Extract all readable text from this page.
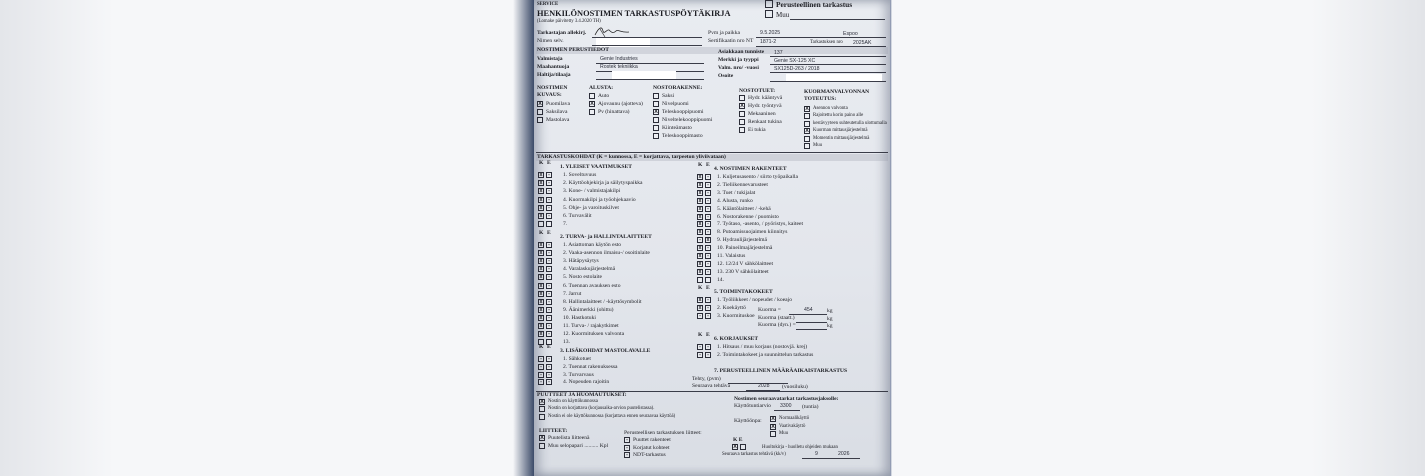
SERVICE
HENKILÖNOSTIMEN TARKASTUSPÖYTÄKIRJA
(Lomake päivitetty 3.4.2020 TH)
Perusteellinen tarkastus
Muu
Tarkastajan allekirj.
Nimen selv.
Pvm ja paikka	9.5.2025	Espoo
Sertifikaatin nro NT 1871-2	Tarkastuksen nro 2025AK
NOSTIMEN PERUSTIEDOT
Valmistaja	Genie Industries
Maahantuoja	Rostek tekniikka
Haltija/tilaaja
Asiakkaan tunniste 137
Merkki ja tyyppi	Genie SX-125 XC
Valm. nro/ -vuosi	SX125D-263 / 2018
Osoite
NOSTIMEN
KUVAUS:
X Puomilava
Saksilava
Mastolava
ALUSTA:
Auto
X Ajovaunu (ajotteva)
Pv (hinattava)
NOSTORAKENNE:
Saksi
Nivelpuomi
X Teleskooppipuomi
Niveltelekooppipuomi
Kiinteämasto
Teleskooppimasto
NOSTOTUET:
Hydr. kääntyvä
X Hydr. työntyvä
Mekaaninen
Renkaat tukina
Ei tukia
KUORMANVALVONNAN
TOTEUTUS:
X Asennon valvonta
Rajoitettu korin paino alle
kestävyyteen suhteutetulla ulottumalla
X Kuorman mittausjärjestelmä
Momentin mittausjärjestelmä
Muu
TARKASTUSKOHDAT (K = kunnossa, E = korjattava, tarpeeton yliviivataan)
K E
1. YLEISET VAATIMUKSET
x	-	1. Soveltuvuus
x	-	2. Käyttöohjekirja ja säilytyspaikka
x	-	3. Kone- / valmistajakilpi
x	-	4. Kuormakilpi ja työohjekaavio
x	-	5. Ohje- ja varoituskilvet
x	-	6. Turvavälit
7.
K E
2. TURVA- ja HALLINTALAITTEET
x	-	1. Asiattoman käytön esto
x	-	2. Vaaka-asennon ilmaisu-/ osoitinlaite
x	-	3. Hätäpysäytys
x	-	4. Varalaskujärjestelmä
x	-	5. Nosto estolaite
x	-	6. Tuennan avauksen esto
x	-	7. Jarrut
x	-	8. Hallintalaitteet / -käyttösymbolit
x	-	9. Äänimerkki (ohittu)
x	-	10. Hastkotuki
x	-	11. Turva- / rajakytkimet
x	-	12. Kuormituksen valvonta
13.
K E
3. LISÄKOHDAT MASTOLAVALLE
-	-	1. Sähkotuet
-	-	2. Tuennat rakenuksessa
-	-	3. Turvarvaus
-	-	4. Nopeuden rajoitin
K E
4. NOSTIMEN RAKENTEET
x	-	1. Kuljetusasento / siirto työpaikalla
x	-	2. Tieliikennevarusteet
x	-	3. Tuet / tukijalat
x	-	4. Alusta, runko
x	-	5. Kääntölaitteet / -kehä
x	-	6. Nostorakenne / puomisto
x	-	7. Työtaso, -asento, / pyöristys, kaiteet
x	-	8. Putoamissuojaimen kiinnitys
-	x 9. Hydraulijärjestelmä
x	-	10. Paineilmajärjestelmä
x	-	11. Valaistus
x	-	12. 12/24 V sähkölaitteet
x	-	13. 230 V sähkölaitteet
14.
K E
5. TOIMINTAKOKEET
x	-	1. Työliikkeet / nopeudet / koeajo
x	-	2. Koekäyttö
-	-	3. Kuormituskoe
K E
6. KORJAUKSET
-	-	1. Hitsaus / muu korjaus (nostovjä. krej)
-	-	2. Toimintakokeet ja suunnittelun tarkastus
Kuorma =	454	kg
Kuorma (staatt.)	kg
Kuorma (dyn.) =	kg
7. PERUSTEELLINEN MÄÄRÄAIKAISTARKASTUS
Tehty, (pvm)
Seuraava tehtävä	2028 (vuosiluku)
PUUTTEET JA HUOMAUTUKSET:
X Nostin on käyttökunnossa
Nostin on korjattava (korjausaika-arvion puutelistassa).
Nostin ei ole käyttökunnossa (korjattava ennen seuraavaa käyttöä)
Nostimen seuraavatarkat tarkastusjaksolle:
Käyttötuntiarvio 3300 (tuntia)
Käyttöönpa: X Normaalikäyttö
X Vaativakäyttö
Muu
LIITTEET:
X Puutelista liitteenä
Muu selopapari .......... Kpl
Perusteellisen tarkastuksen liitteet:
- Puuttet rakenteet
- Korjatut kohteet
- NDT-tarkastus
K E
X	Huoltokirja - huolletu ohjeiden mukaan
Seuraava tarkastus tehtävä (kk/v)	9	2026
